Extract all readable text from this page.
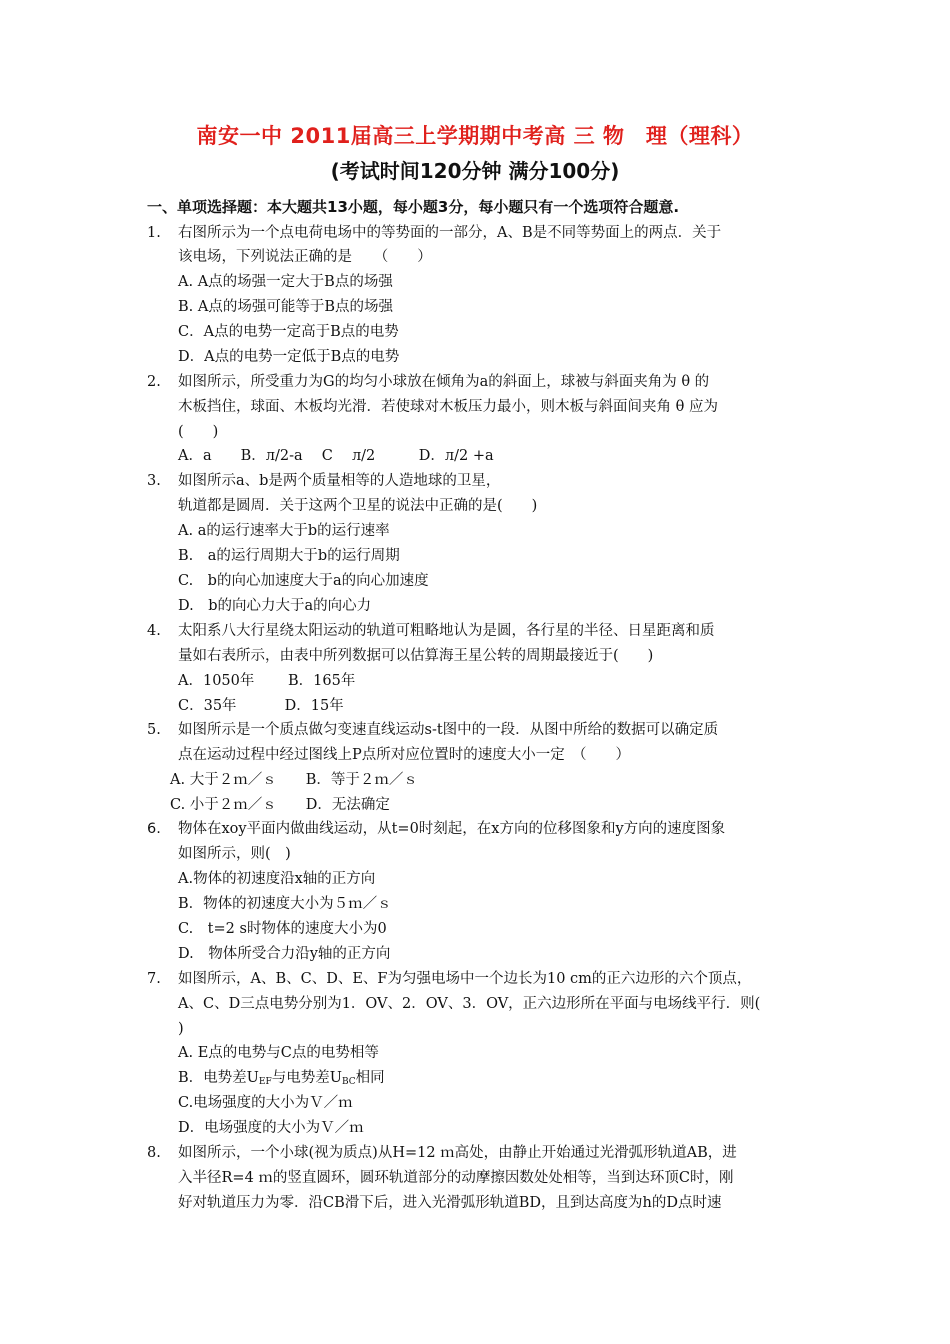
南安一中 2011届高三上学期期中考高 三 物　理（理科）
(考试时间120分钟 满分100分)
一、单项选择题：本大题共13小题，每小题3分，每小题只有一个选项符合题意.
1. 右图所示为一个点电荷电场中的等势面的一部分，A、B是不同等势面上的两点．关于
该电场，下列说法正确的是　　（　　）
A. A点的场强一定大于B点的场强
B. A点的场强可能等于B点的场强
C．A点的电势一定高于B点的电势
D．A点的电势一定低于B点的电势
2. 如图所示，所受重力为G的均匀小球放在倾角为a的斜面上，球被与斜面夹角为 θ 的
木板挡住，球面、木板均光滑．若使球对木板压力最小，则木板与斜面间夹角 θ 应为
(　　)
A．a　　B．л/2-a　 C　 л/2　　　D．л/2 +a
3. 如图所示a、b是两个质量相等的人造地球的卫星，
轨道都是圆周．关于这两个卫星的说法中正确的是(　　)
A. a的运行速率大于b的运行速率
B.　a的运行周期大于b的运行周期
C.　b的向心加速度大于a的向心加速度
D.　b的向心力大于a的向心力
4. 太阳系八大行星绕太阳运动的轨道可粗略地认为是圆，各行星的半径、日星距离和质
量如右表所示，由表中所列数据可以估算海王星公转的周期最接近于(　　)
A．1050年　　 B．165年
C．35年　　　 D．15年
5. 如图所示是一个质点做匀变速直线运动s-t图中的一段．从图中所给的数据可以确定质
点在运动过程中经过图线上P点所对应位置时的速度大小一定　（　　）
A. 大于２ｍ／ｓ　　B．等于２ｍ／ｓ
C. 小于２ｍ／ｓ　　D．无法确定
6. 物体在xoy平面内做曲线运动，从t=0时刻起，在x方向的位移图象和y方向的速度图象
如图所示，则(　)
A.物体的初速度沿x轴的正方向
B．物体的初速度大小为５ｍ／ｓ
C.　t=2 s时物体的速度大小为0
D.　物体所受合力沿y轴的正方向
7. 如图所示，A、B、C、D、E、F为匀强电场中一个边长为10 cm的正六边形的六个顶点，
A、C、D三点电势分别为1．OV、2．OV、3．OV，正六边形所在平面与电场线平行．则(
)
A. E点的电势与C点的电势相等
B．电势差$U_{EF}$与电势差$U_{BC}$相同
C.电场强度的大小为Ｖ／ｍ
D．电场强度的大小为Ｖ／ｍ
8. 如图所示，一个小球(视为质点)从H=12 ｍ高处，由静止开始通过光滑弧形轨道AB，进
入半径R=4 ｍ的竖直圆环，圆环轨道部分的动摩擦因数处处相等，当到达环顶C时，刚
好对轨道压力为零．沿CB滑下后，进入光滑弧形轨道BD，且到达高度为h的D点时速
